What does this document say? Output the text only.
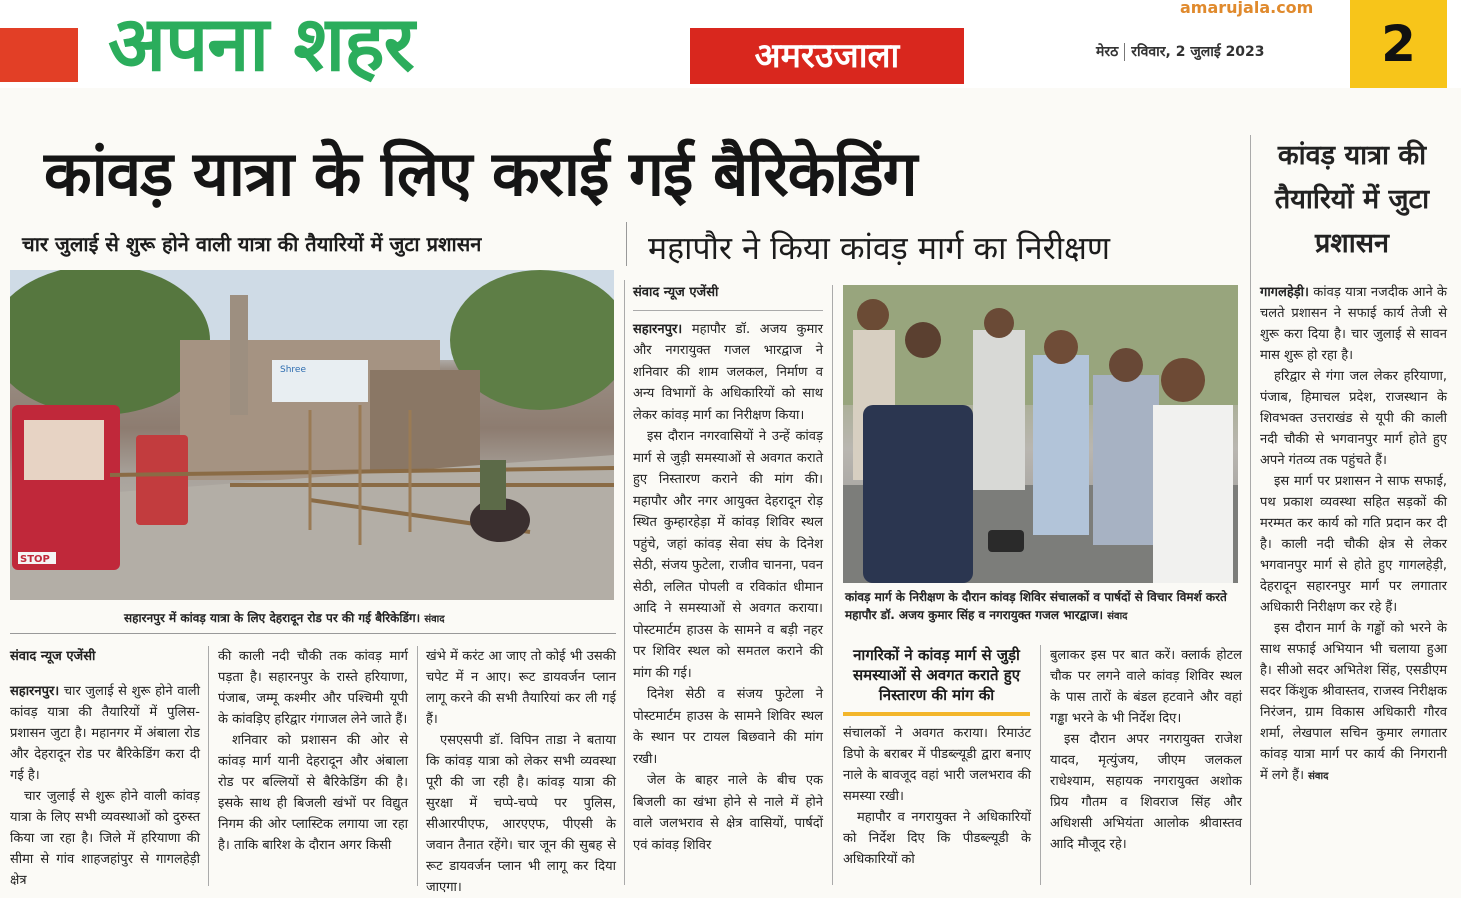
अपना शहर	अमरउजाला
amarujala.com
मेरठ रविवार, 2 जुलाई 2023	2
कांवड़ यात्रा के लिए कराई गई बैरिकेडिंग	कांवड़ यात्रा की तैयारियों में जुटा प्रशासन
चार जुलाई से शुरू होने वाली यात्रा की तैयारियों में जुटा प्रशासन	महापौर ने किया कांवड़ मार्ग का निरीक्षण
Shree
STOP
सहारनपुर में कांवड़ यात्रा के लिए देहरादून रोड पर की गई बैरिकेडिंग। संवाद
कांवड़ मार्ग के निरीक्षण के दौरान कांवड़ शिविर संचालकों व पार्षदों से विचार विमर्श करते महापौर डॉ. अजय कुमार सिंह व नगरायुक्त गजल भारद्वाज। संवाद

संवाद न्यूज एजेंसी

सहारनपुर। चार जुलाई से शुरू होने वाली कांवड़ यात्रा की तैयारियों में पुलिस-प्रशासन जुटा है। महानगर में अंबाला रोड और देहरादून रोड पर बैरिकेडिंग करा दी गई है।

चार जुलाई से शुरू होने वाली कांवड़ यात्रा के लिए सभी व्यवस्थाओं को दुरुस्त किया जा रहा है। जिले में हरियाणा की सीमा से गांव शाहजहांपुर से गागलहेड़ी क्षेत्र

की काली नदी चौकी तक कांवड़ मार्ग पड़ता है। सहारनपुर के रास्ते हरियाणा, पंजाब, जम्मू कश्मीर और पश्चिमी यूपी के कांवड़िए हरिद्वार गंगाजल लेने जाते हैं।

शनिवार को प्रशासन की ओर से कांवड़ मार्ग यानी देहरादून और अंबाला रोड पर बल्लियों से बैरिकेडिंग की है। इसके साथ ही बिजली खंभों पर विद्युत निगम की ओर प्लास्टिक लगाया जा रहा है। ताकि बारिश के दौरान अगर किसी

खंभे में करंट आ जाए तो कोई भी उसकी चपेट में न आए। रूट डायवर्जन प्लान लागू करने की सभी तैयारियां कर ली गई हैं।

एसएसपी डॉ. विपिन ताडा ने बताया कि कांवड़ यात्रा को लेकर सभी व्यवस्था पूरी की जा रही है। कांवड़ यात्रा की सुरक्षा में चप्पे-चप्पे पर पुलिस, सीआरपीएफ, आरएएफ, पीएसी के जवान तैनात रहेंगे। चार जून की सुबह से रूट डायवर्जन प्लान भी लागू कर दिया जाएगा।

संवाद न्यूज एजेंसी

सहारनपुर। महापौर डॉ. अजय कुमार और नगरायुक्त गजल भारद्वाज ने शनिवार की शाम जलकल, निर्माण व अन्य विभागों के अधिकारियों को साथ लेकर कांवड़ मार्ग का निरीक्षण किया।

इस दौरान नगरवासियों ने उन्हें कांवड़ मार्ग से जुड़ी समस्याओं से अवगत कराते हुए निस्तारण कराने की मांग की। महापौर और नगर आयुक्त देहरादून रोड़ स्थित कुम्हारहेड़ा में कांवड़ शिविर स्थल पहुंचे, जहां कांवड़ सेवा संघ के दिनेश सेठी, संजय फुटेला, राजीव चानना, पवन सेठी, ललित पोपली व रविकांत धीमान आदि ने समस्याओं से अवगत कराया। पोस्टमार्टम हाउस के सामने व बड़ी नहर पर शिविर स्थल को समतल कराने की मांग की गई।

दिनेश सेठी व संजय फुटेला ने पोस्टमार्टम हाउस के सामने शिविर स्थल के स्थान पर टायल बिछवाने की मांग रखी।

जेल के बाहर नाले के बीच एक बिजली का खंभा होने से नाले में होने वाले जलभराव से क्षेत्र वासियों, पार्षदों एवं कांवड़ शिविर

नागरिकों ने कांवड़ मार्ग से जुड़ी समस्याओं से अवगत कराते हुए निस्तारण की मांग की

संचालकों ने अवगत कराया। रिमाउंट डिपो के बराबर में पीडब्ल्यूडी द्वारा बनाए नाले के बावजूद वहां भारी जलभराव की समस्या रखी।

महापौर व नगरायुक्त ने अधिकारियों को निर्देश दिए कि पीडब्ल्यूडी के अधिकारियों को

बुलाकर इस पर बात करें। क्लार्क होटल चौक पर लगने वाले कांवड़ शिविर स्थल के पास तारों के बंडल हटवाने और वहां गड्ढा भरने के भी निर्देश दिए।

इस दौरान अपर नगरायुक्त राजेश यादव, मृत्युंजय, जीएम जलकल राधेश्याम, सहायक नगरायुक्त अशोक प्रिय गौतम व शिवराज सिंह और अधिशसी अभियंता आलोक श्रीवास्तव आदि मौजूद रहे।

गागलहेड़ी। कांवड़ यात्रा नजदीक आने के चलते प्रशासन ने सफाई कार्य तेजी से शुरू करा दिया है। चार जुलाई से सावन मास शुरू हो रहा है।

हरिद्वार से गंगा जल लेकर हरियाणा, पंजाब, हिमाचल प्रदेश, राजस्थान के शिवभक्त उत्तराखंड से यूपी की काली नदी चौकी से भगवानपुर मार्ग होते हुए अपने गंतव्य तक पहुंचते हैं।

इस मार्ग पर प्रशासन ने साफ सफाई, पथ प्रकाश व्यवस्था सहित सड़कों की मरम्मत कर कार्य को गति प्रदान कर दी है। काली नदी चौकी क्षेत्र से लेकर भगवानपुर मार्ग से होते हुए गागलहेड़ी, देहरादून सहारनपुर मार्ग पर लगातार अधिकारी निरीक्षण कर रहे हैं।

इस दौरान मार्ग के गड्ढों को भरने के साथ सफाई अभियान भी चलाया हुआ है। सीओ सदर अभितेश सिंह, एसडीएम सदर किंशुक श्रीवास्तव, राजस्व निरीक्षक निरंजन, ग्राम विकास अधिकारी गौरव शर्मा, लेखपाल सचिन कुमार लगातार कांवड़ यात्रा मार्ग पर कार्य की निगरानी में लगे हैं। संवाद
